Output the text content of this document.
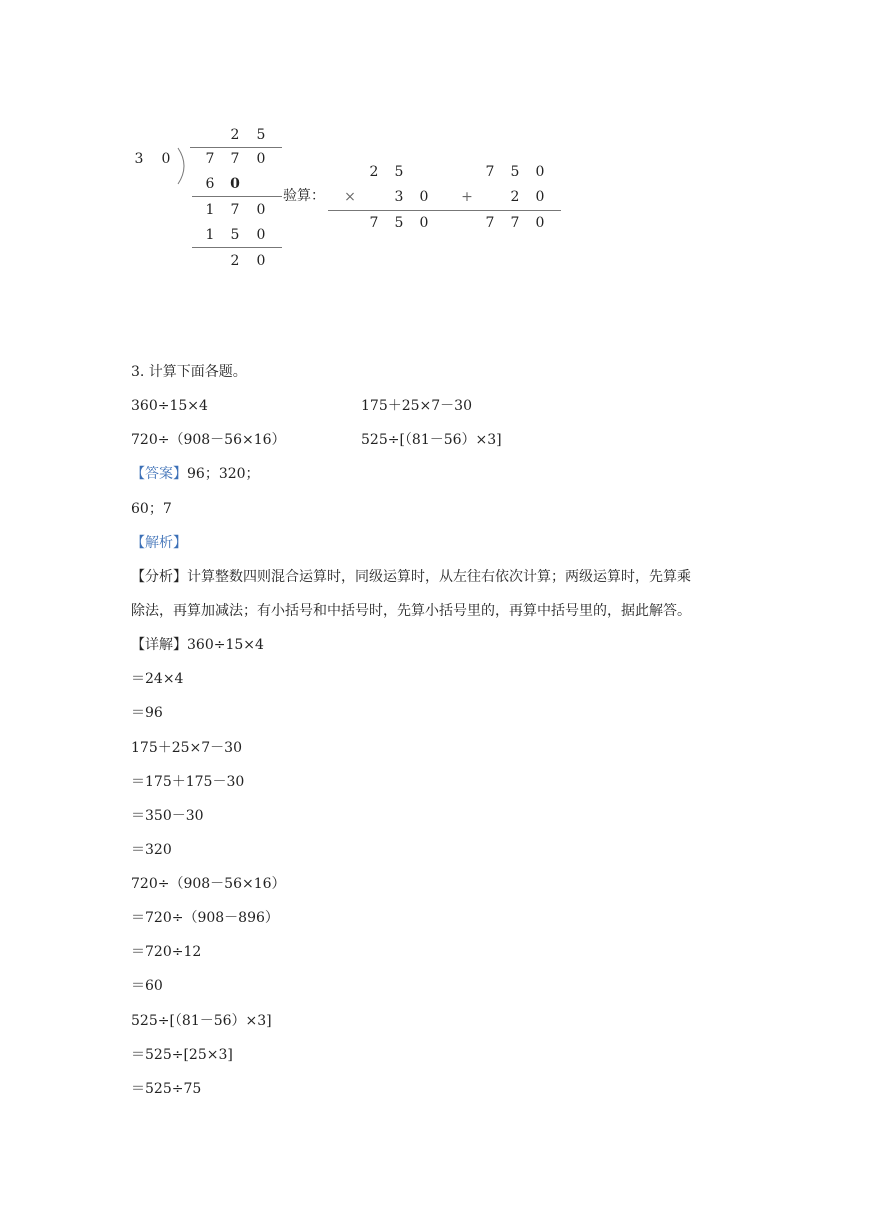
3 0
2 5
7 7 0
6 0
1 7 0
1 5 0
2 0
验算：
2 5
×	3 0
7 5 0
7 5 0
+	2 0
7 7 0
3. 计算下面各题。
360÷15×4	175＋25×7－30
720÷（908－56×16）	525÷[（81－56）×3]
【答案】96；320；
60；7
【解析】
【分析】计算整数四则混合运算时，同级运算时，从左往右依次计算；两级运算时，先算乘
除法，再算加减法；有小括号和中括号时，先算小括号里的，再算中括号里的，据此解答。
【详解】360÷15×4
＝24×4
＝96
175＋25×7－30
＝175＋175－30
＝350－30
＝320
720÷（908－56×16）
＝720÷（908－896）
＝720÷12
＝60
525÷[（81－56）×3]
＝525÷[25×3]
＝525÷75
